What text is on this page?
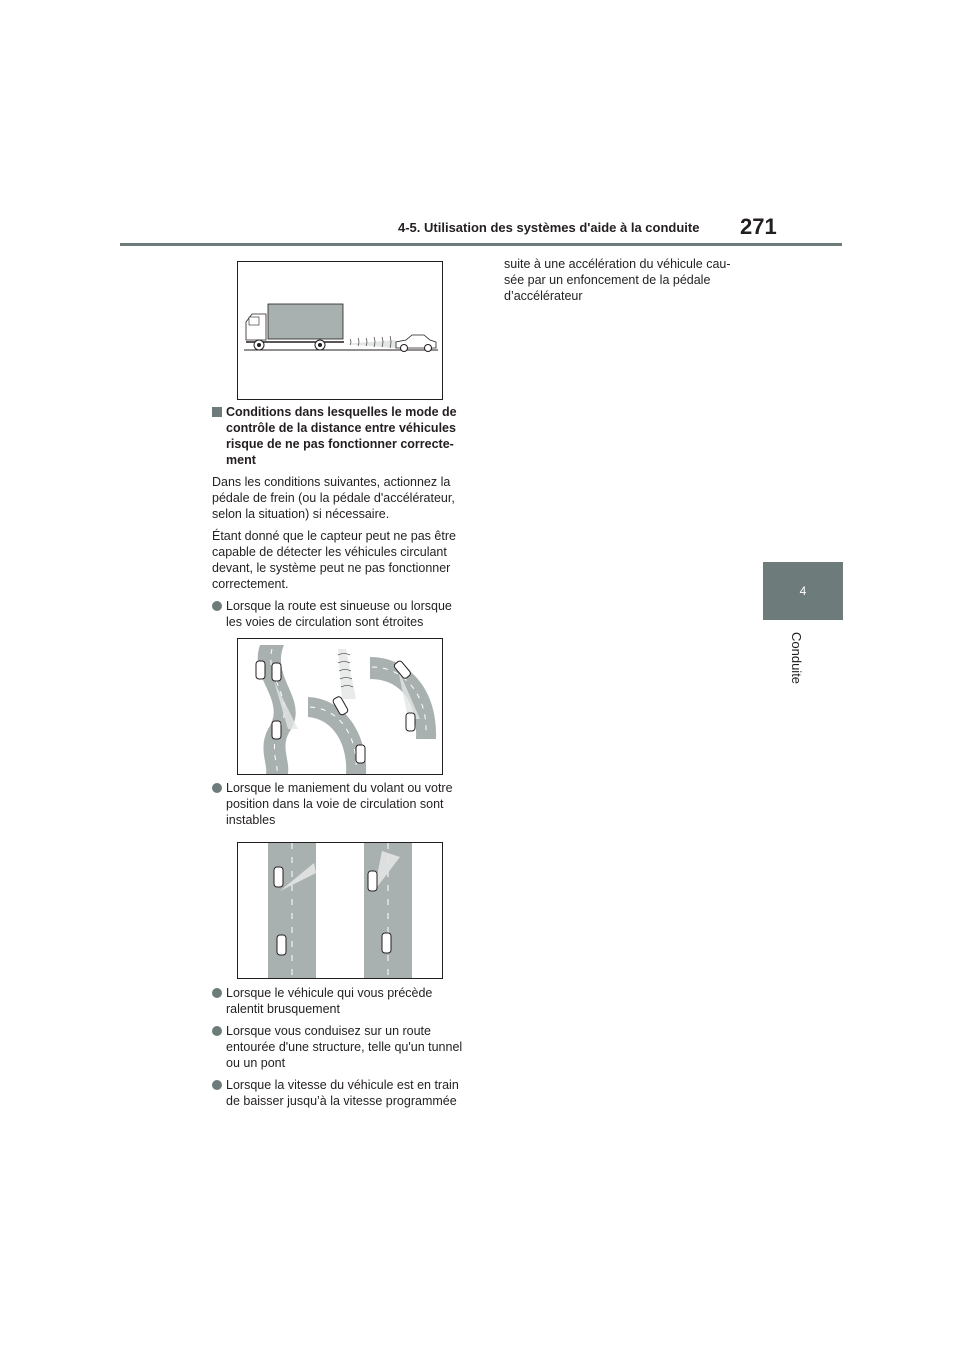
4-5. Utilisation des systèmes d'aide à la conduite 271
4
Conduite
Conditions dans lesquelles le mode de contrôle de la distance entre véhicules risque de ne pas fonctionner correcte-ment

Dans les conditions suivantes, actionnez la pédale de frein (ou la pédale d'accélérateur, selon la situation) si nécessaire.

Étant donné que le capteur peut ne pas être capable de détecter les véhicules circulant devant, le système peut ne pas fonctionner correctement.

Lorsque la route est sinueuse ou lorsque les voies de circulation sont étroites
Lorsque le maniement du volant ou votre position dans la voie de circulation sont instables
Lorsque le véhicule qui vous précède ralentit brusquement
Lorsque vous conduisez sur un route entourée d'une structure, telle qu'un tunnel ou un pont
Lorsque la vitesse du véhicule est en train de baisser jusqu’à la vitesse programmée

suite à une accélération du véhicule cau-sée par un enfoncement de la pédale d’accélérateur
